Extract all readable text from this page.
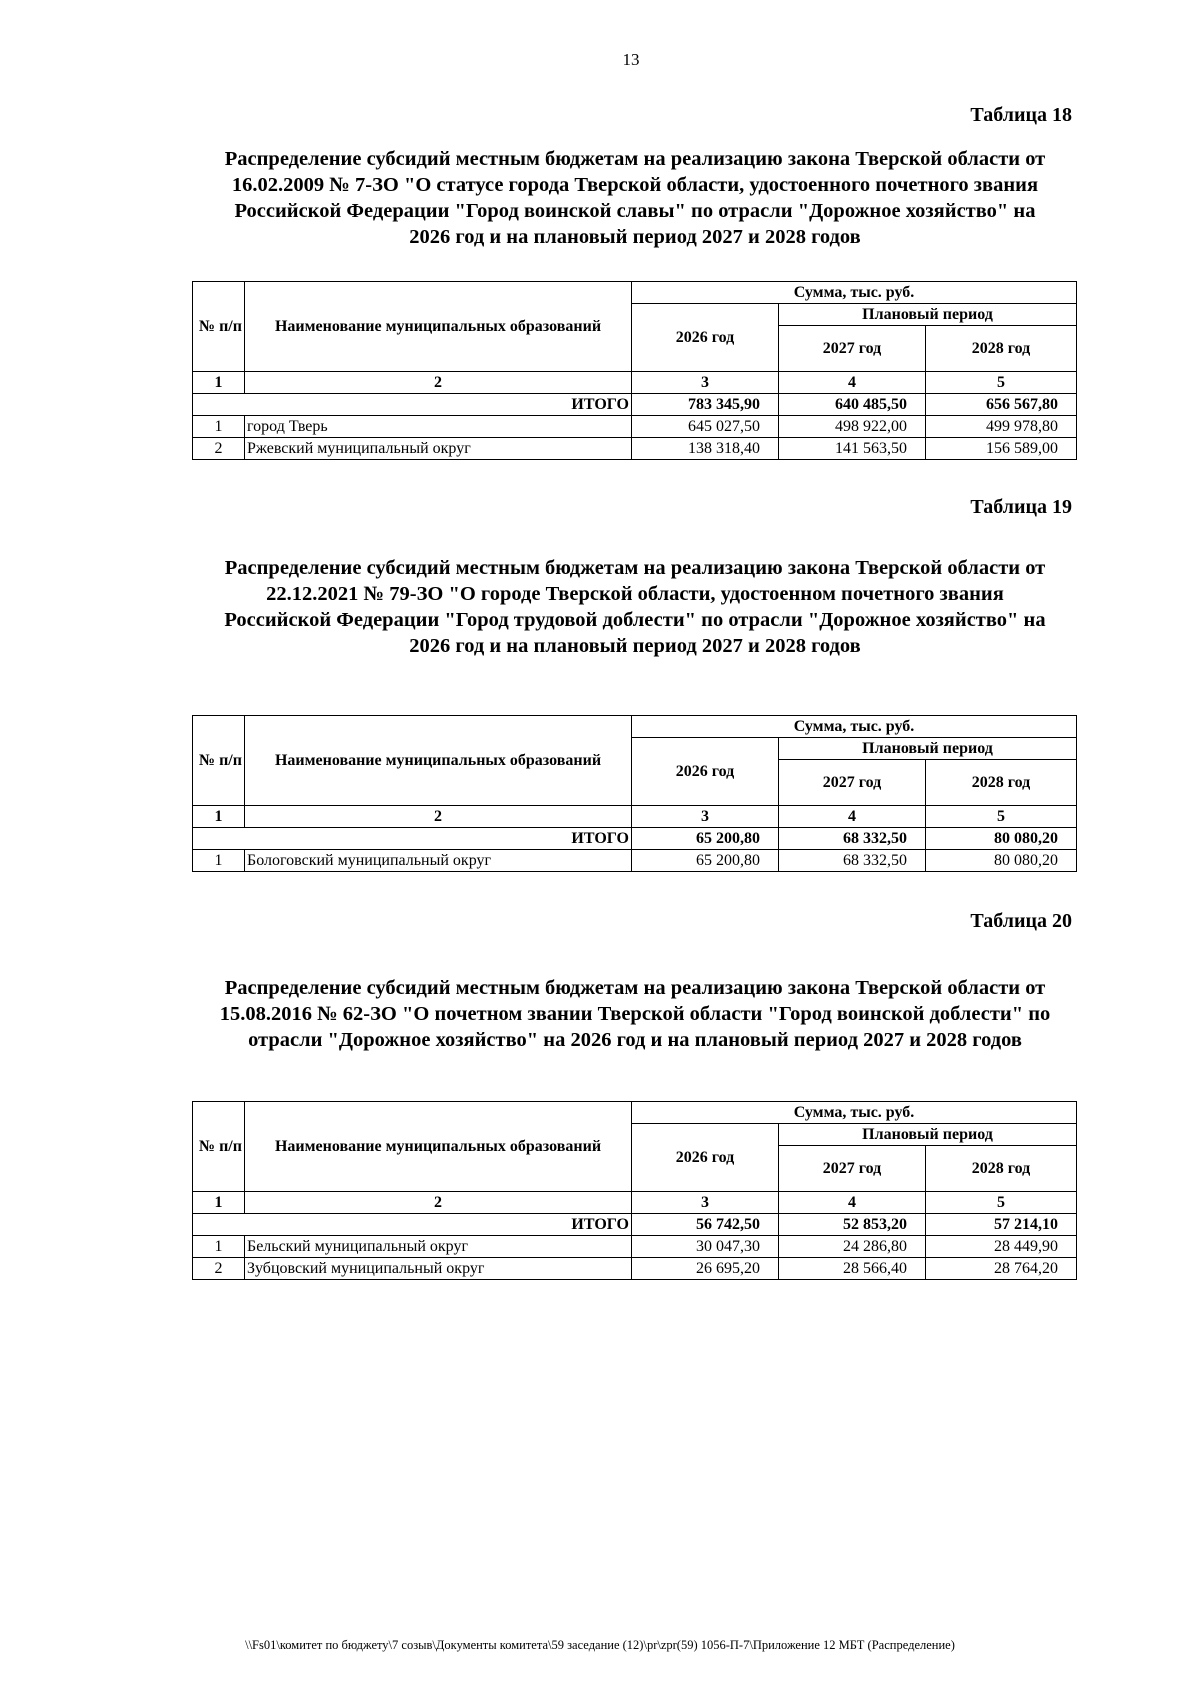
13
Таблица 18
Распределение субсидий местным бюджетам на реализацию закона Тверской области от
16.02.2009 № 7-ЗО "О статусе города Тверской области, удостоенного почетного звания
Российской Федерации "Город воинской славы" по отрасли "Дорожное хозяйство" на
2026 год и на плановый период 2027 и 2028 годов
№ п/п	Наименование муниципальных образований	Сумма, тыс. руб.		
		2026 год	Плановый период	
			2027 год	2028 год
1	2	3	4	5
ИТОГО		783 345,90	640 485,50	656 567,80
1	город Тверь	645 027,50	498 922,00	499 978,80
2	Ржевский муниципальный округ	138 318,40	141 563,50	156 589,00
Таблица 19
Распределение субсидий местным бюджетам на реализацию закона Тверской области от
22.12.2021 № 79-ЗО "О городе Тверской области, удостоенном почетного звания
Российской Федерации "Город трудовой доблести" по отрасли "Дорожное хозяйство" на
2026 год и на плановый период 2027 и 2028 годов
№ п/п	Наименование муниципальных образований	Сумма, тыс. руб.		
		2026 год	Плановый период	
			2027 год	2028 год
1	2	3	4	5
ИТОГО		65 200,80	68 332,50	80 080,20
1	Бологовский муниципальный округ	65 200,80	68 332,50	80 080,20
Таблица 20
Распределение субсидий местным бюджетам на реализацию закона Тверской области от
15.08.2016 № 62-ЗО "О почетном звании Тверской области "Город воинской доблести" по
отрасли "Дорожное хозяйство" на 2026 год и на плановый период 2027 и 2028 годов
№ п/п	Наименование муниципальных образований	Сумма, тыс. руб.		
		2026 год	Плановый период	
			2027 год	2028 год
1	2	3	4	5
ИТОГО		56 742,50	52 853,20	57 214,10
1	Бельский муниципальный округ	30 047,30	24 286,80	28 449,90
2	Зубцовский муниципальный округ	26 695,20	28 566,40	28 764,20
\\Fs01\комитет по бюджету\7 созыв\Документы комитета\59 заседание (12)\pr\zpr(59) 1056-П-7\Приложение 12 МБТ (Распределение)
